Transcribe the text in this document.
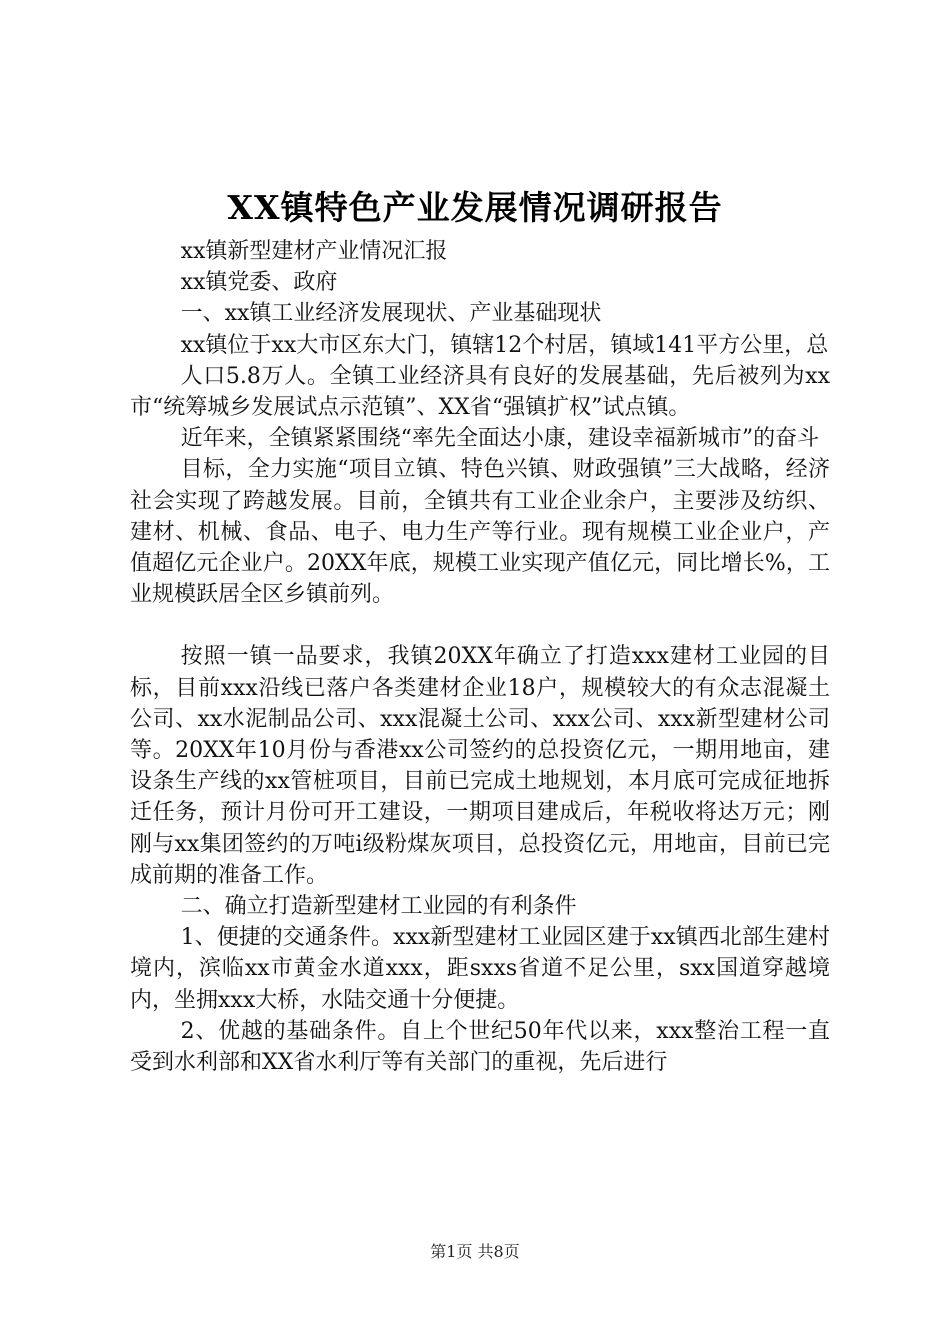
XX镇特色产业发展情况调研报告

xx镇新型建材产业情况汇报

xx镇党委、政府

一、xx镇工业经济发展现状、产业基础现状

xx镇位于xx大市区东大门，镇辖12个村居，镇域141平方公里，总

人口5.8万人。全镇工业经济具有良好的发展基础，先后被列为xx市“统筹城乡发展试点示范镇”、XX省“强镇扩权”试点镇。

近年来，全镇紧紧围绕“率先全面达小康，建设幸福新城市”的奋斗

目标，全力实施“项目立镇、特色兴镇、财政强镇”三大战略，经济社会实现了跨越发展。目前，全镇共有工业企业余户，主要涉及纺织、建材、机械、食品、电子、电力生产等行业。现有规模工业企业户，产值超亿元企业户。20XX年底，规模工业实现产值亿元，同比增长%，工业规模跃居全区乡镇前列。

按照一镇一品要求，我镇20XX年确立了打造xxx建材工业园的目标，目前xxx沿线已落户各类建材企业18户，规模较大的有众志混凝土公司、xx水泥制品公司、xxx混凝土公司、xxx公司、xxx新型建材公司等。20XX年10月份与香港xx公司签约的总投资亿元，一期用地亩，建设条生产线的xx管桩项目，目前已完成土地规划，本月底可完成征地拆迁任务，预计月份可开工建设，一期项目建成后，年税收将达万元；刚刚与xx集团签约的万吨i级粉煤灰项目，总投资亿元，用地亩，目前已完成前期的准备工作。

二、确立打造新型建材工业园的有利条件

1、便捷的交通条件。xxx新型建材工业园区建于xx镇西北部生建村境内，滨临xx市黄金水道xxx，距sxxs省道不足公里，sxx国道穿越境内，坐拥xxx大桥，水陆交通十分便捷。

2、优越的基础条件。自上个世纪50年代以来，xxx整治工程一直受到水利部和XX省水利厅等有关部门的重视，先后进行

第1页 共8页
